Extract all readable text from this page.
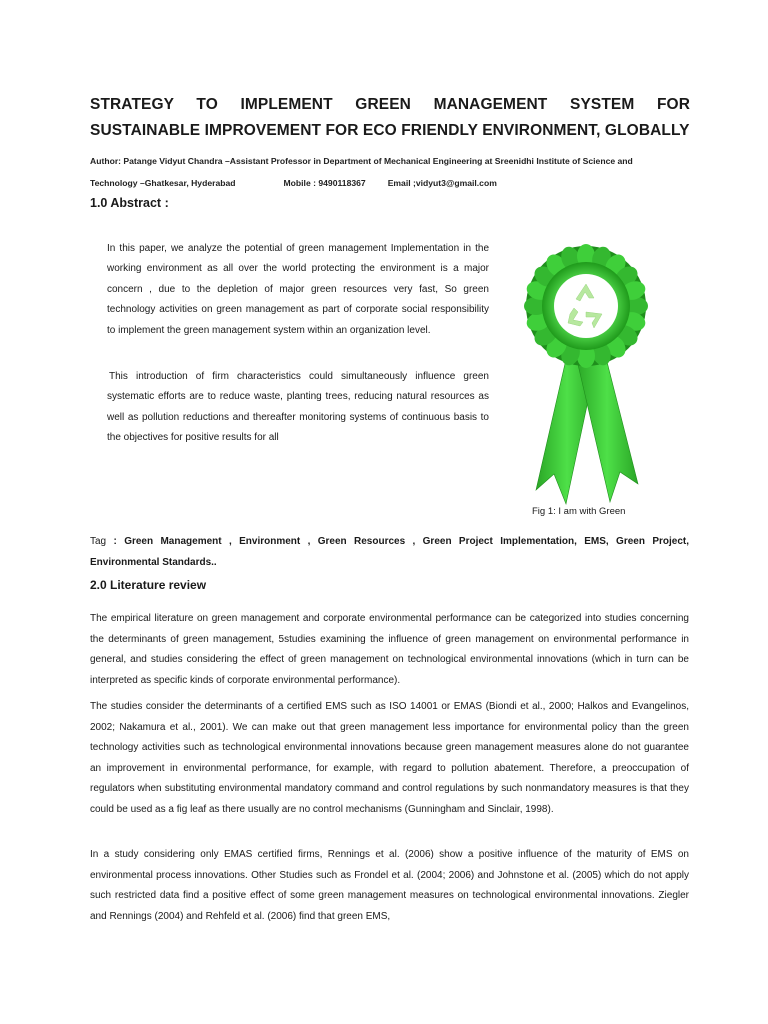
STRATEGY TO IMPLEMENT GREEN MANAGEMENT SYSTEM FOR SUSTAINABLE IMPROVEMENT FOR ECO FRIENDLY ENVIRONMENT, GLOBALLY

Author: Patange Vidyut Chandra –Assistant Professor in Department of Mechanical Engineering at Sreenidhi Institute of Science and

Technology –Ghatkesar, Hyderabad	Mobile : 9490118367	Email ;vidyut3@gmail.com

1.0 Abstract :

In this paper, we analyze the potential of green management Implementation in the working environment as all over the world protecting the environment is a major concern , due to the depletion of major green resources very fast, So green technology activities on green management as part of corporate social responsibility to implement the green management system within an organization level.

This introduction of firm characteristics could simultaneously influence green systematic efforts are to reduce waste, planting trees, reducing natural resources as well as pollution reductions and thereafter monitoring systems of continuous basis to the objectives for positive results for all

Fig 1: I am with Green

Tag : Green Management , Environment , Green Resources , Green Project Implementation, EMS, Green Project, Environmental Standards..

2.0 Literature review

The empirical literature on green management and corporate environmental performance can be categorized into studies concerning the determinants of green management, 5studies examining the influence of green management on environmental performance in general, and studies considering the effect of green management on technological environmental innovations (which in turn can be interpreted as specific kinds of corporate environmental performance).

The studies consider the determinants of a certified EMS such as ISO 14001 or EMAS (Biondi et al., 2000; Halkos and Evangelinos, 2002; Nakamura et al., 2001). We can make out that green management less importance for environmental policy than the green technology activities such as technological environmental innovations because green management measures alone do not guarantee an improvement in environmental performance, for example, with regard to pollution abatement. Therefore, a preoccupation of regulators when substituting environmental mandatory command and control regulations by such nonmandatory measures is that they could be used as a fig leaf as there usually are no control mechanisms (Gunningham and Sinclair, 1998).

In a study considering only EMAS certified firms, Rennings et al. (2006) show a positive influence of the maturity of EMS on environmental process innovations. Other Studies such as Frondel et al. (2004; 2006) and Johnstone et al. (2005) which do not apply such restricted data find a positive effect of some green management measures on technological environmental innovations. Ziegler and Rennings (2004) and Rehfeld et al. (2006) find that green EMS,
